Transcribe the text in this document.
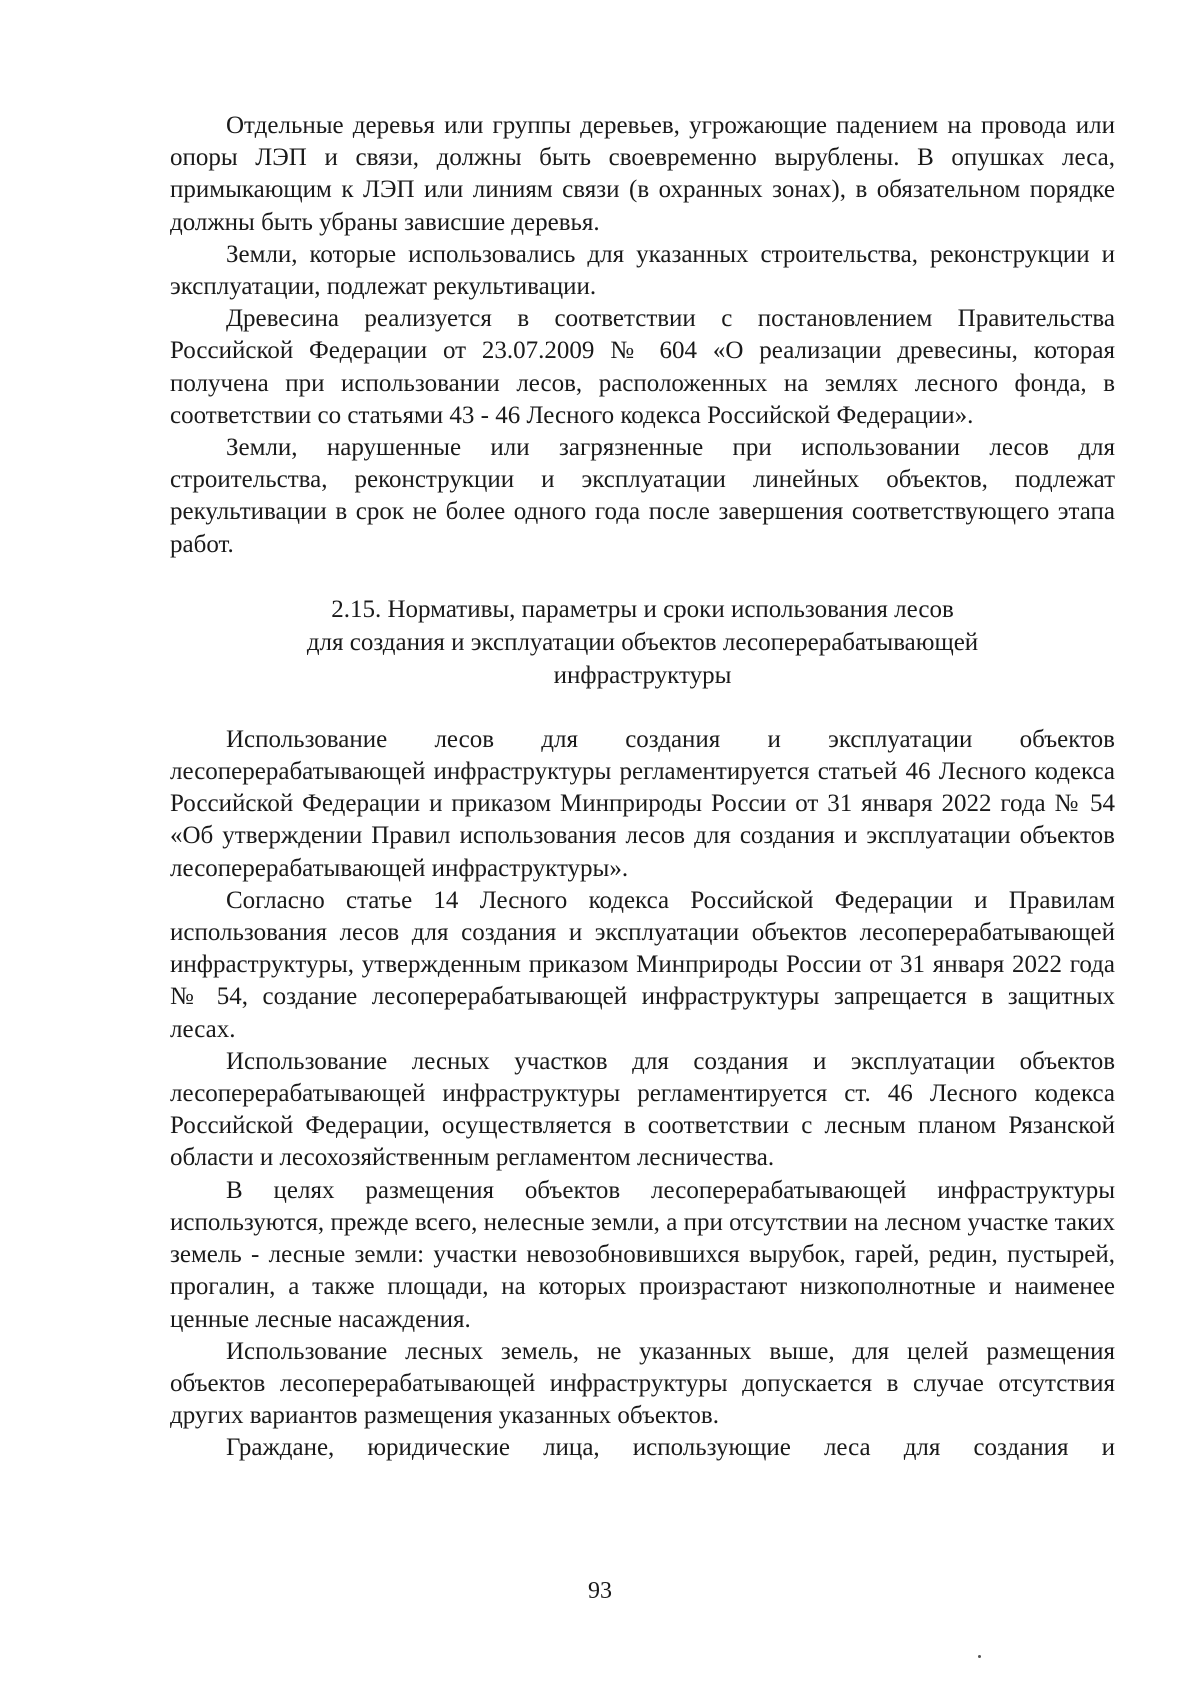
Отдельные деревья или группы деревьев, угрожающие падением на провода или опоры ЛЭП и связи, должны быть своевременно вырублены. В опушках леса, примыкающим к ЛЭП или линиям связи (в охранных зонах), в обязательном порядке должны быть убраны зависшие деревья.

Земли, которые использовались для указанных строительства, реконструкции и эксплуатации, подлежат рекультивации.

Древесина реализуется в соответствии с постановлением Правительства Российской Федерации от 23.07.2009 № 604 «О реализации древесины, которая получена при использовании лесов, расположенных на землях лесного фонда, в соответствии со статьями 43 - 46 Лесного кодекса Российской Федерации».

Земли, нарушенные или загрязненные при использовании лесов для строительства, реконструкции и эксплуатации линейных объектов, подлежат рекультивации в срок не более одного года после завершения соответствующего этапа работ.

2.15. Нормативы, параметры и сроки использования лесов
для создания и эксплуатации объектов лесоперерабатывающей
инфраструктуры

Использование лесов для создания и эксплуатации объектов лесоперерабатывающей инфраструктуры регламентируется статьей 46 Лесного кодекса Российской Федерации и приказом Минприроды России от 31 января 2022 года № 54 «Об утверждении Правил использования лесов для создания и эксплуатации объектов лесоперерабатывающей инфраструктуры».

Согласно статье 14 Лесного кодекса Российской Федерации и Правилам использования лесов для создания и эксплуатации объектов лесоперерабатывающей инфраструктуры, утвержденным приказом Минприроды России от 31 января 2022 года № 54, создание лесоперерабатывающей инфраструктуры запрещается в защитных лесах.

Использование лесных участков для создания и эксплуатации объектов лесоперерабатывающей инфраструктуры регламентируется ст. 46 Лесного кодекса Российской Федерации, осуществляется в соответствии с лесным планом Рязанской области и лесохозяйственным регламентом лесничества.

В целях размещения объектов лесоперерабатывающей инфраструктуры используются, прежде всего, нелесные земли, а при отсутствии на лесном участке таких земель - лесные земли: участки невозобновившихся вырубок, гарей, редин, пустырей, прогалин, а также площади, на которых произрастают низкополнотные и наименее ценные лесные насаждения.

Использование лесных земель, не указанных выше, для целей размещения объектов лесоперерабатывающей инфраструктуры допускается в случае отсутствия других вариантов размещения указанных объектов.

Граждане, юридические лица, использующие леса для создания и

93
